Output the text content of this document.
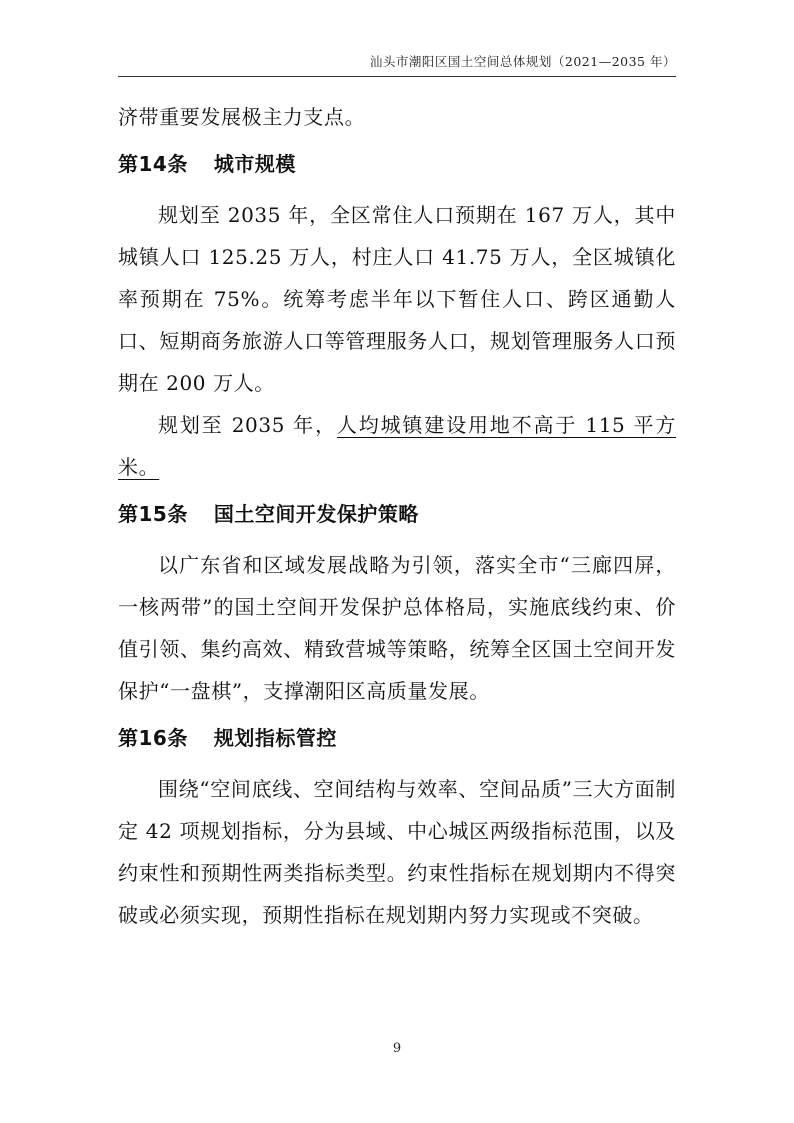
汕头市潮阳区国土空间总体规划（2021—2035 年）

济带重要发展极主力支点。

第14条 城市规模

规划至 2035 年，全区常住人口预期在 167 万人，其中城镇人口 125.25 万人，村庄人口 41.75 万人，全区城镇化率预期在 75%。统筹考虑半年以下暂住人口、跨区通勤人口、短期商务旅游人口等管理服务人口，规划管理服务人口预期在 200 万人。

规划至 2035 年，人均城镇建设用地不高于 115 平方米。

第15条 国土空间开发保护策略

以广东省和区域发展战略为引领，落实全市“三廊四屏，一核两带”的国土空间开发保护总体格局，实施底线约束、价值引领、集约高效、精致营城等策略，统筹全区国土空间开发保护“一盘棋”，支撑潮阳区高质量发展。

第16条 规划指标管控

围绕“空间底线、空间结构与效率、空间品质”三大方面制定 42 项规划指标，分为县域、中心城区两级指标范围，以及约束性和预期性两类指标类型。约束性指标在规划期内不得突破或必须实现，预期性指标在规划期内努力实现或不突破。

9
